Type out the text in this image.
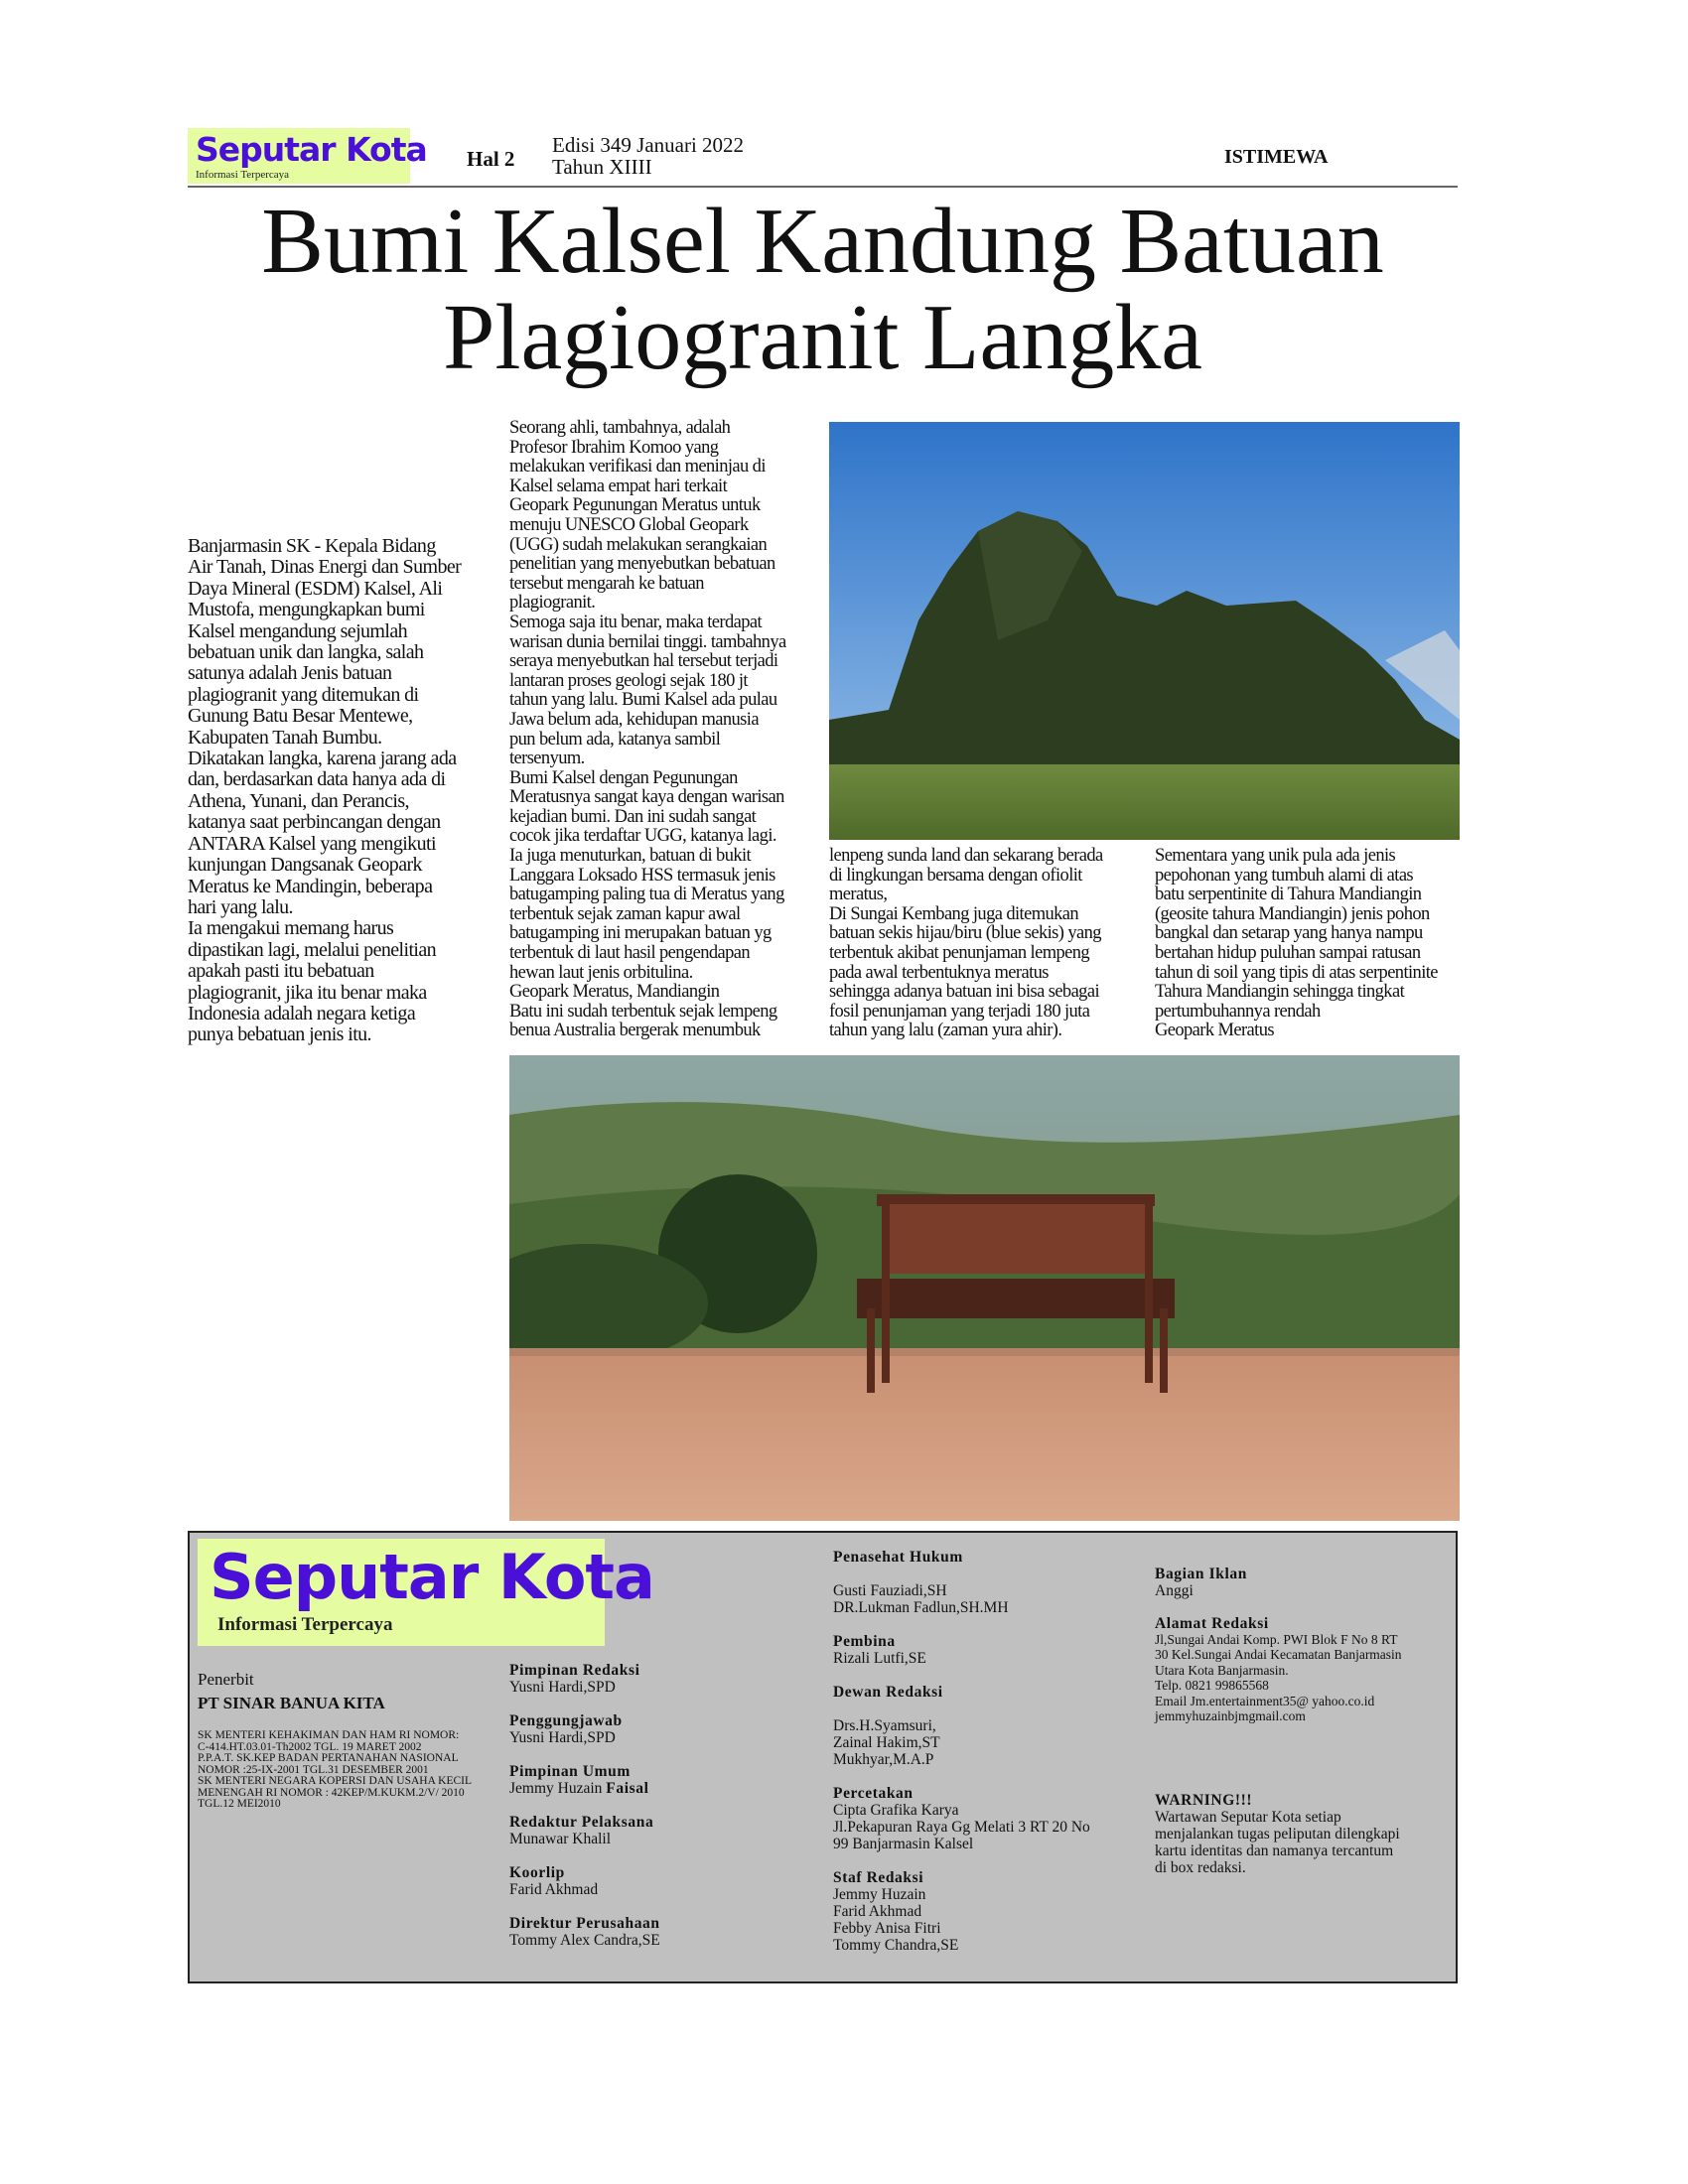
Seputar Kota
Informasi Terpercaya
Hal 2
Edisi 349 Januari 2022
Tahun XIIII	ISTIMEWA
Bumi Kalsel Kandung Batuan
Plagiogranit Langka
Banjarmasin SK - Kepala Bidang
Air Tanah, Dinas Energi dan Sumber
Daya Mineral (ESDM) Kalsel, Ali
Mustofa, mengungkapkan bumi
Kalsel mengandung sejumlah
bebatuan unik dan langka, salah
satunya adalah Jenis batuan
plagiogranit yang ditemukan di
Gunung Batu Besar Mentewe,
Kabupaten Tanah Bumbu.
Dikatakan langka, karena jarang ada
dan, berdasarkan data hanya ada di
Athena, Yunani, dan Perancis,
katanya saat perbincangan dengan
ANTARA Kalsel yang mengikuti
kunjungan Dangsanak Geopark
Meratus ke Mandingin, beberapa
hari yang lalu.
Ia mengakui memang harus
dipastikan lagi, melalui penelitian
apakah pasti itu bebatuan
plagiogranit, jika itu benar maka
Indonesia adalah negara ketiga
punya bebatuan jenis itu.
Seorang ahli, tambahnya, adalah
Profesor Ibrahim Komoo yang
melakukan verifikasi dan meninjau di
Kalsel selama empat hari terkait
Geopark Pegunungan Meratus untuk
menuju UNESCO Global Geopark
(UGG) sudah melakukan serangkaian
penelitian yang menyebutkan bebatuan
tersebut mengarah ke batuan
plagiogranit.
Semoga saja itu benar, maka terdapat
warisan dunia bernilai tinggi. tambahnya
seraya menyebutkan hal tersebut terjadi
lantaran proses geologi sejak 180 jt
tahun yang lalu. Bumi Kalsel ada pulau
Jawa belum ada, kehidupan manusia
pun belum ada, katanya sambil
tersenyum.
Bumi Kalsel dengan Pegunungan
Meratusnya sangat kaya dengan warisan
kejadian bumi. Dan ini sudah sangat
cocok jika terdaftar UGG, katanya lagi.
Ia juga menuturkan, batuan di bukit
Langgara Loksado HSS termasuk jenis
batugamping paling tua di Meratus yang
terbentuk sejak zaman kapur awal
batugamping ini merupakan batuan yg
terbentuk di laut hasil pengendapan
hewan laut jenis orbitulina.
Geopark Meratus, Mandiangin
Batu ini sudah terbentuk sejak lempeng
benua Australia bergerak menumbuk
lenpeng sunda land dan sekarang berada
di lingkungan bersama dengan ofiolit
meratus,
Di Sungai Kembang juga ditemukan
batuan sekis hijau/biru (blue sekis) yang
terbentuk akibat penunjaman lempeng
pada awal terbentuknya meratus
sehingga adanya batuan ini bisa sebagai
fosil penunjaman yang terjadi 180 juta
tahun yang lalu (zaman yura ahir).
Sementara yang unik pula ada jenis
pepohonan yang tumbuh alami di atas
batu serpentinite di Tahura Mandiangin
(geosite tahura Mandiangin) jenis pohon
bangkal dan setarap yang hanya nampu
bertahan hidup puluhan sampai ratusan
tahun di soil yang tipis di atas serpentinite
Tahura Mandiangin sehingga tingkat
pertumbuhannya rendah
Geopark Meratus
Seputar Kota
Informasi Terpercaya
Penerbit
PT SINAR BANUA KITA
SK MENTERI KEHAKIMAN DAN HAM RI NOMOR:
C-414.HT.03.01-Th2002 TGL. 19 MARET 2002
P.P.A.T. SK.KEP BADAN PERTANAHAN NASIONAL
NOMOR :25-IX-2001 TGL.31 DESEMBER 2001
SK MENTERI NEGARA KOPERSI DAN USAHA KECIL
MENENGAH RI NOMOR : 42KEP/M.KUKM.2/V/ 2010
TGL.12 MEI2010
Pimpinan Redaksi
Yusni Hardi,SPD
Penggungjawab
Yusni Hardi,SPD
Pimpinan Umum
Jemmy Huzain Faisal
Redaktur Pelaksana
Munawar Khalil
Koorlip
Farid Akhmad
Direktur Perusahaan
Tommy Alex Candra,SE
Penasehat Hukum
Gusti Fauziadi,SH
DR.Lukman Fadlun,SH.MH
Pembina
Rizali Lutfi,SE
Dewan Redaksi
Drs.H.Syamsuri,
Zainal Hakim,ST
Mukhyar,M.A.P
Percetakan
Cipta Grafika Karya
Jl.Pekapuran Raya Gg Melati 3 RT 20 No
99 Banjarmasin Kalsel
Staf Redaksi
Jemmy Huzain
Farid Akhmad
Febby Anisa Fitri
Tommy Chandra,SE
Bagian Iklan
Anggi
Alamat Redaksi
Jl,Sungai Andai Komp. PWI Blok F No 8 RT
30 Kel.Sungai Andai Kecamatan Banjarmasin
Utara Kota Banjarmasin.
Telp. 0821 99865568
Email Jm.entertainment35@ yahoo.co.id
jemmyhuzainbjmgmail.com
WARNING!!!
Wartawan Seputar Kota setiap menjalankan tugas peliputan dilengkapi kartu identitas dan namanya tercantum di box redaksi.
